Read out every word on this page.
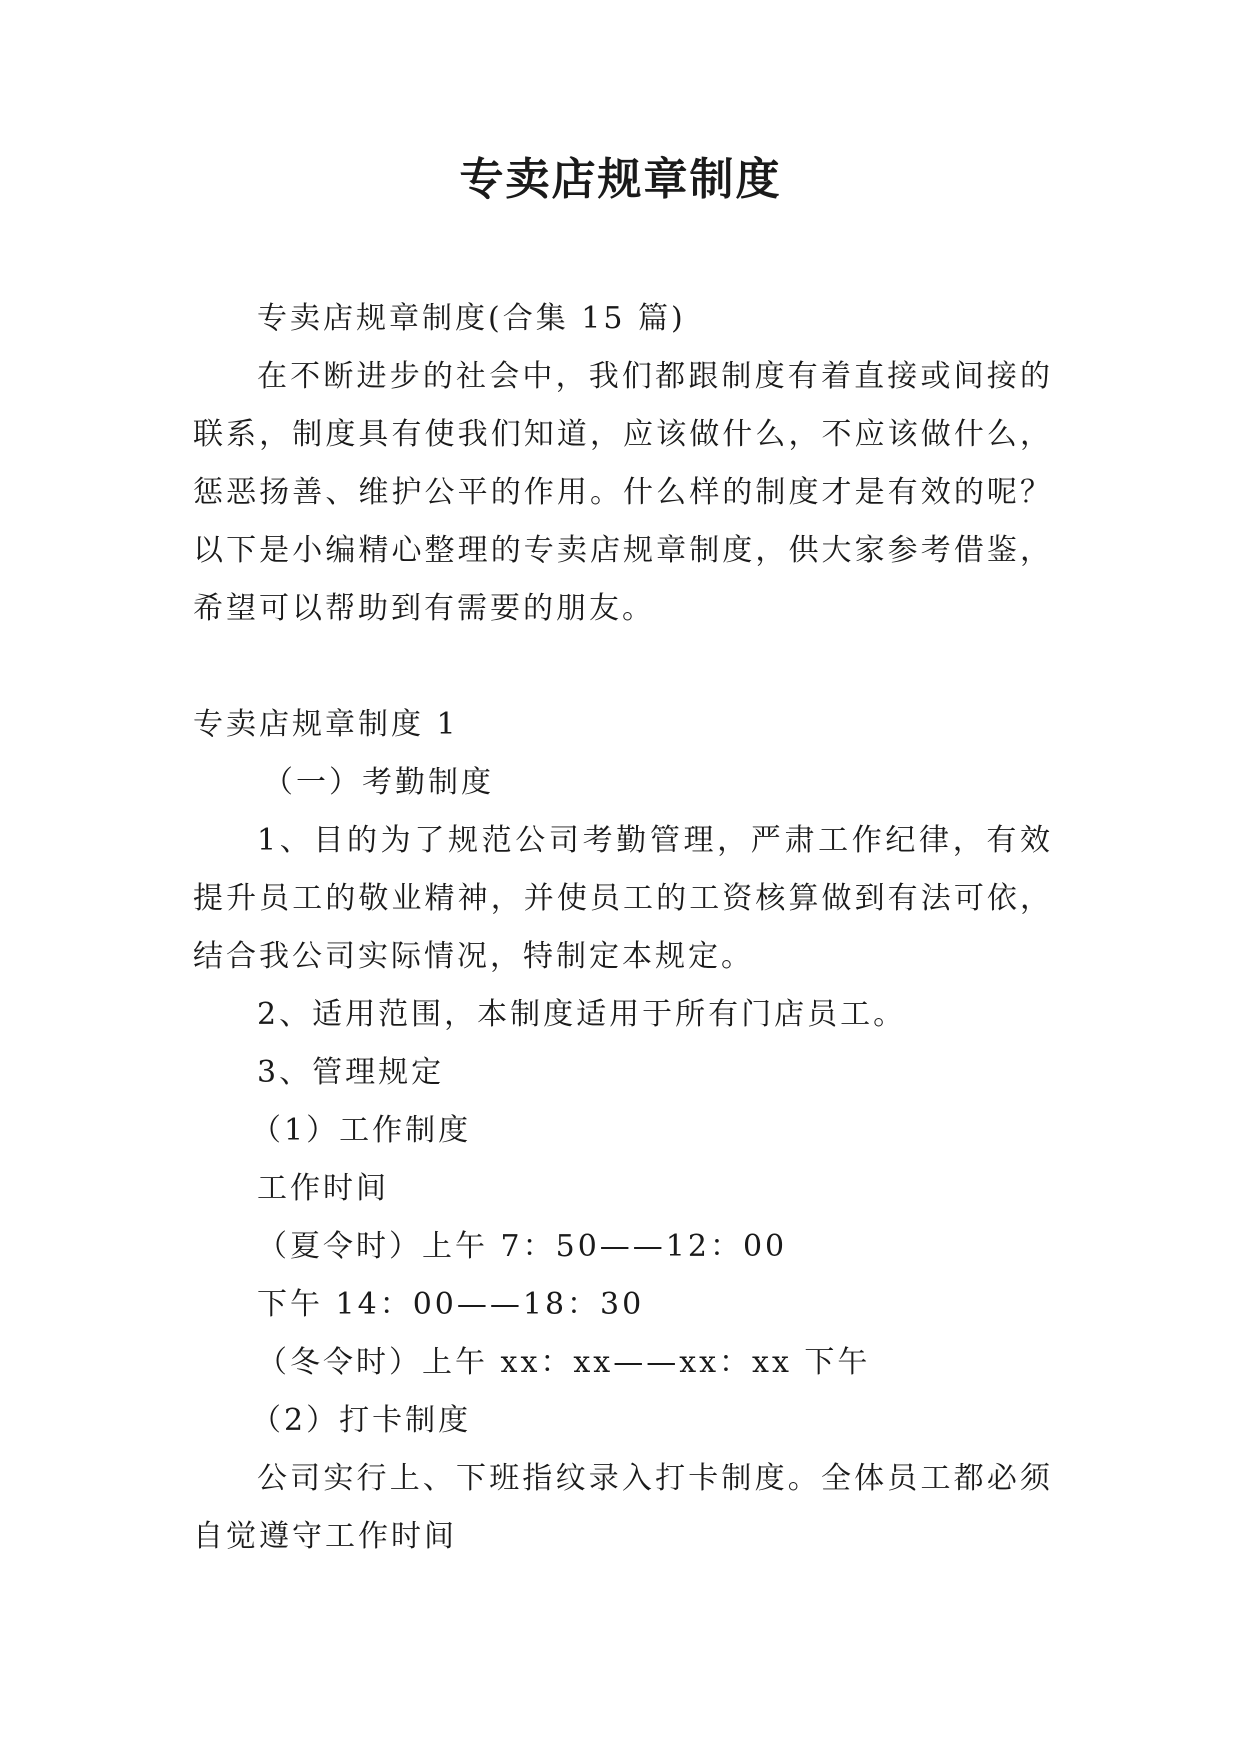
专卖店规章制度

专卖店规章制度(合集 15 篇)

在不断进步的社会中，我们都跟制度有着直接或间接的联系，制度具有使我们知道，应该做什么，不应该做什么，惩恶扬善、维护公平的作用。什么样的制度才是有效的呢？以下是小编精心整理的专卖店规章制度，供大家参考借鉴，希望可以帮助到有需要的朋友。

专卖店规章制度 1

（一）考勤制度

1、目的为了规范公司考勤管理，严肃工作纪律，有效提升员工的敬业精神，并使员工的工资核算做到有法可依，结合我公司实际情况，特制定本规定。

2、适用范围，本制度适用于所有门店员工。

3、管理规定

（1）工作制度

工作时间

（夏令时）上午 7：50——12：00

下午 14：00——18：30

（冬令时）上午 xx：xx——xx：xx 下午

（2）打卡制度

公司实行上、下班指纹录入打卡制度。全体员工都必须自觉遵守工作时间
